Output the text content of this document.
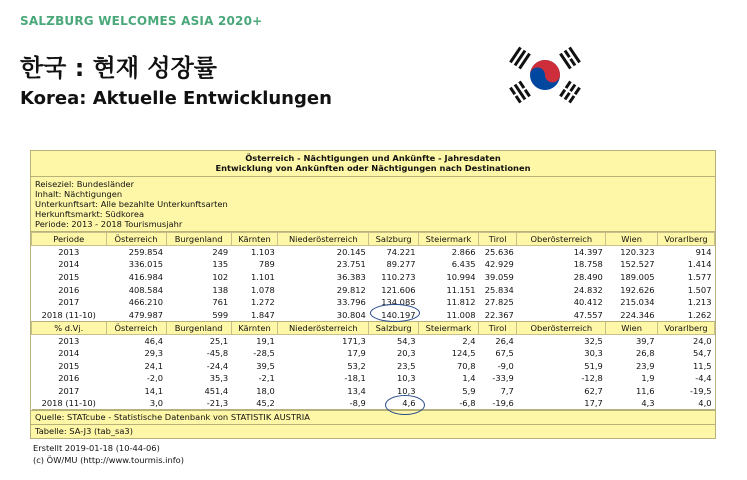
SALZBURG WELCOMES ASIA 2020+
한국 : 현재 성장률
Korea: Aktuelle Entwicklungen
Österreich - Nächtigungen und Ankünfte - Jahresdaten
Entwicklung von Ankünften oder Nächtigungen nach Destinationen
Reiseziel: Bundesländer
Inhalt: Nächtigungen
Unterkunftsart: Alle bezahlte Unterkunftsarten
Herkunftsmarkt: Südkorea
Periode: 2013 - 2018 Tourismusjahr
Periode	Österreich	Burgenland	Kärnten	Niederösterreich	Salzburg	Steiermark	Tirol	Oberösterreich	Wien	Vorarlberg
2013	259.854	249	1.103	20.145	74.221	2.866	25.636	14.397	120.323	914
2014	336.015	135	789	23.751	89.277	6.435	42.929	18.758	152.527	1.414
2015	416.984	102	1.101	36.383	110.273	10.994	39.059	28.490	189.005	1.577
2016	408.584	138	1.078	29.812	121.606	11.151	25.834	24.832	192.626	1.507
2017	466.210	761	1.272	33.796	134.085	11.812	27.825	40.412	215.034	1.213
2018 (11-10)	479.987	599	1.847	30.804	140.197	11.008	22.367	47.557	224.346	1.262
% d.Vj.	Österreich	Burgenland	Kärnten	Niederösterreich	Salzburg	Steiermark	Tirol	Oberösterreich	Wien	Vorarlberg
2013	46,4	25,1	19,1	171,3	54,3	2,4	26,4	32,5	39,7	24,0
2014	29,3	-45,8	-28,5	17,9	20,3	124,5	67,5	30,3	26,8	54,7
2015	24,1	-24,4	39,5	53,2	23,5	70,8	-9,0	51,9	23,9	11,5
2016	-2,0	35,3	-2,1	-18,1	10,3	1,4	-33,9	-12,8	1,9	-4,4
2017	14,1	451,4	18,0	13,4	10,3	5,9	7,7	62,7	11,6	-19,5
2018 (11-10)	3,0	-21,3	45,2	-8,9	4,6	-6,8	-19,6	17,7	4,3	4,0
Quelle: STATcube - Statistische Datenbank von STATISTIK AUSTRIA
Tabelle: SA-J3 (tab_sa3)
Erstellt 2019-01-18 (10-44-06)
(c) ÖW/MU (http://www.tourmis.info)
